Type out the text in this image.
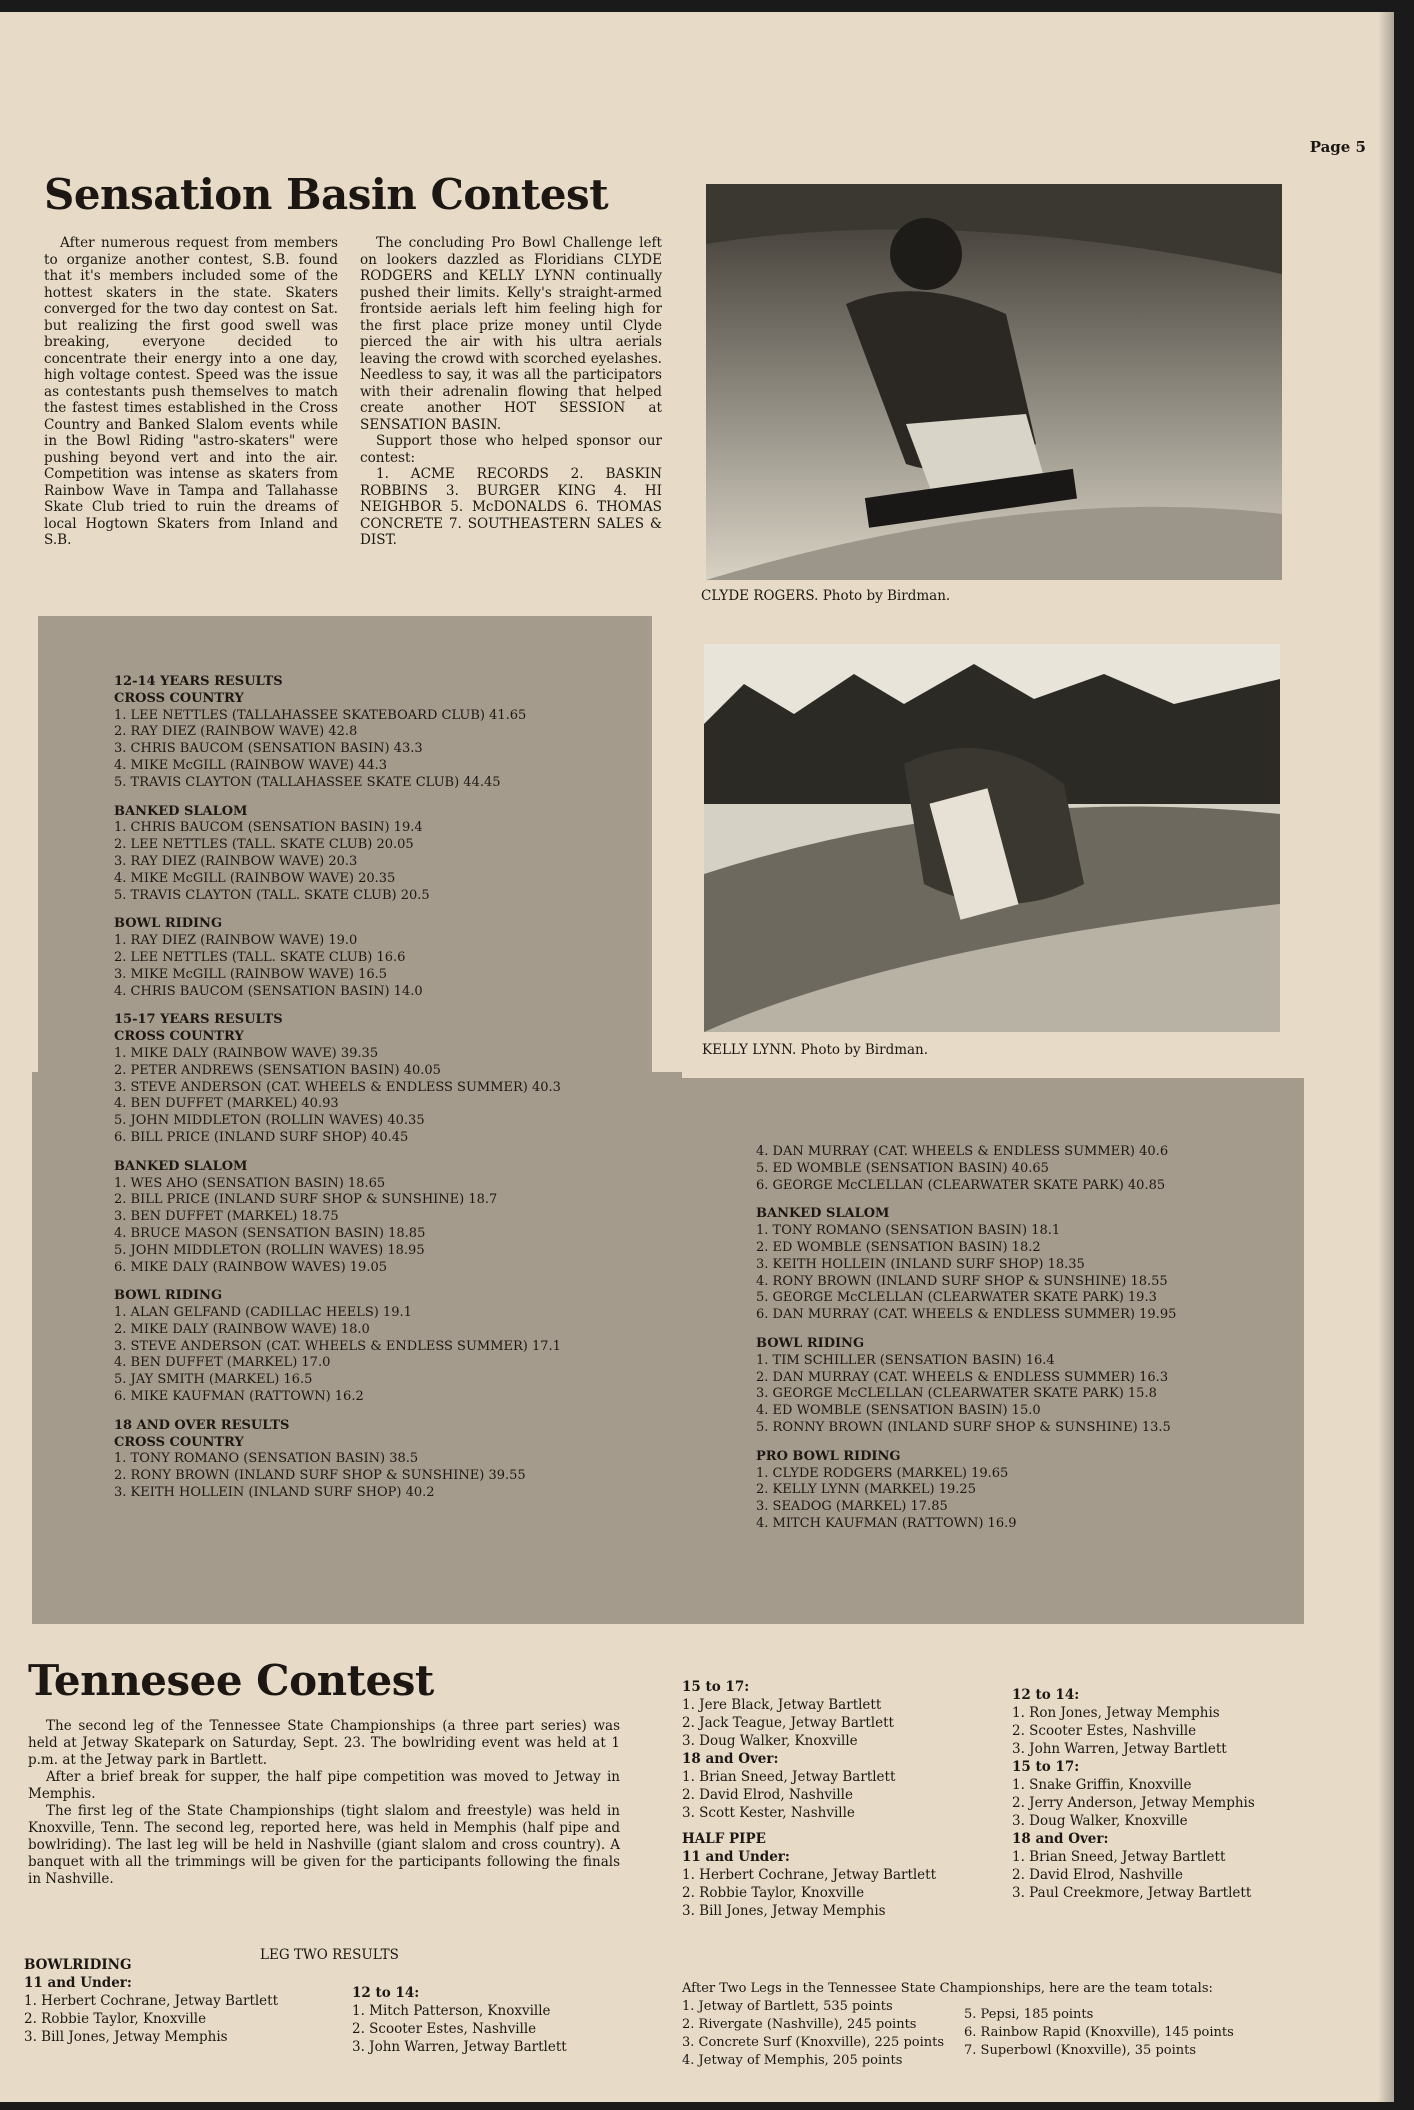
Page 5
Sensation Basin Contest

After numerous request from members to organize another contest, S.B. found that it's members included some of the hottest skaters in the state. Skaters converged for the two day contest on Sat. but realizing the first good swell was breaking, everyone decided to concentrate their energy into a one day, high voltage contest. Speed was the issue as contestants push themselves to match the fastest times established in the Cross Country and Banked Slalom events while in the Bowl Riding "astro-skaters" were pushing beyond vert and into the air. Competition was intense as skaters from Rainbow Wave in Tampa and Tallahasse Skate Club tried to ruin the dreams of local Hogtown Skaters from Inland and S.B.

The concluding Pro Bowl Challenge left on lookers dazzled as Floridians CLYDE RODGERS and KELLY LYNN continually pushed their limits. Kelly's straight-armed frontside aerials left him feeling high for the first place prize money until Clyde pierced the air with his ultra aerials leaving the crowd with scorched eyelashes. Needless to say, it was all the participators with their adrenalin flowing that helped create another HOT SESSION at SENSATION BASIN.

Support those who helped sponsor our contest:

1. ACME RECORDS 2. BASKIN ROBBINS 3. BURGER KING 4. HI NEIGHBOR 5. McDONALDS 6. THOMAS CONCRETE 7. SOUTHEASTERN SALES & DIST.

CLYDE ROGERS. Photo by Birdman.
KELLY LYNN. Photo by Birdman.
12-14 YEARS RESULTS
CROSS COUNTRY
1. LEE NETTLES (TALLAHASSEE SKATEBOARD CLUB) 41.65
2. RAY DIEZ (RAINBOW WAVE) 42.8
3. CHRIS BAUCOM (SENSATION BASIN) 43.3
4. MIKE McGILL (RAINBOW WAVE) 44.3
5. TRAVIS CLAYTON (TALLAHASSEE SKATE CLUB) 44.45
BANKED SLALOM
1. CHRIS BAUCOM (SENSATION BASIN) 19.4
2. LEE NETTLES (TALL. SKATE CLUB) 20.05
3. RAY DIEZ (RAINBOW WAVE) 20.3
4. MIKE McGILL (RAINBOW WAVE) 20.35
5. TRAVIS CLAYTON (TALL. SKATE CLUB) 20.5
BOWL RIDING
1. RAY DIEZ (RAINBOW WAVE) 19.0
2. LEE NETTLES (TALL. SKATE CLUB) 16.6
3. MIKE McGILL (RAINBOW WAVE) 16.5
4. CHRIS BAUCOM (SENSATION BASIN) 14.0
15-17 YEARS RESULTS
CROSS COUNTRY
1. MIKE DALY (RAINBOW WAVE) 39.35
2. PETER ANDREWS (SENSATION BASIN) 40.05
3. STEVE ANDERSON (CAT. WHEELS & ENDLESS SUMMER) 40.3
4. BEN DUFFET (MARKEL) 40.93
5. JOHN MIDDLETON (ROLLIN WAVES) 40.35
6. BILL PRICE (INLAND SURF SHOP) 40.45
BANKED SLALOM
1. WES AHO (SENSATION BASIN) 18.65
2. BILL PRICE (INLAND SURF SHOP & SUNSHINE) 18.7
3. BEN DUFFET (MARKEL) 18.75
4. BRUCE MASON (SENSATION BASIN) 18.85
5. JOHN MIDDLETON (ROLLIN WAVES) 18.95
6. MIKE DALY (RAINBOW WAVES) 19.05
BOWL RIDING
1. ALAN GELFAND (CADILLAC HEELS) 19.1
2. MIKE DALY (RAINBOW WAVE) 18.0
3. STEVE ANDERSON (CAT. WHEELS & ENDLESS SUMMER) 17.1
4. BEN DUFFET (MARKEL) 17.0
5. JAY SMITH (MARKEL) 16.5
6. MIKE KAUFMAN (RATTOWN) 16.2
18 AND OVER RESULTS
CROSS COUNTRY
1. TONY ROMANO (SENSATION BASIN) 38.5
2. RONY BROWN (INLAND SURF SHOP & SUNSHINE) 39.55
3. KEITH HOLLEIN (INLAND SURF SHOP) 40.2
4. DAN MURRAY (CAT. WHEELS & ENDLESS SUMMER) 40.6
5. ED WOMBLE (SENSATION BASIN) 40.65
6. GEORGE McCLELLAN (CLEARWATER SKATE PARK) 40.85
BANKED SLALOM
1. TONY ROMANO (SENSATION BASIN) 18.1
2. ED WOMBLE (SENSATION BASIN) 18.2
3. KEITH HOLLEIN (INLAND SURF SHOP) 18.35
4. RONY BROWN (INLAND SURF SHOP & SUNSHINE) 18.55
5. GEORGE McCLELLAN (CLEARWATER SKATE PARK) 19.3
6. DAN MURRAY (CAT. WHEELS & ENDLESS SUMMER) 19.95
BOWL RIDING
1. TIM SCHILLER (SENSATION BASIN) 16.4
2. DAN MURRAY (CAT. WHEELS & ENDLESS SUMMER) 16.3
3. GEORGE McCLELLAN (CLEARWATER SKATE PARK) 15.8
4. ED WOMBLE (SENSATION BASIN) 15.0
5. RONNY BROWN (INLAND SURF SHOP & SUNSHINE) 13.5
PRO BOWL RIDING
1. CLYDE RODGERS (MARKEL) 19.65
2. KELLY LYNN (MARKEL) 19.25
3. SEADOG (MARKEL) 17.85
4. MITCH KAUFMAN (RATTOWN) 16.9
Tennesee Contest

The second leg of the Tennessee State Championships (a three part series) was held at Jetway Skatepark on Saturday, Sept. 23. The bowlriding event was held at 1 p.m. at the Jetway park in Bartlett.

After a brief break for supper, the half pipe competition was moved to Jetway in Memphis.

The first leg of the State Championships (tight slalom and freestyle) was held in Knoxville, Tenn. The second leg, reported here, was held in Memphis (half pipe and bowlriding). The last leg will be held in Nashville (giant slalom and cross country). A banquet with all the trimmings will be given for the participants following the finals in Nashville.

LEG TWO RESULTS
BOWLRIDING
11 and Under:
1. Herbert Cochrane, Jetway Bartlett
2. Robbie Taylor, Knoxville
3. Bill Jones, Jetway Memphis
12 to 14:
1. Mitch Patterson, Knoxville
2. Scooter Estes, Nashville
3. John Warren, Jetway Bartlett
15 to 17:
1. Jere Black, Jetway Bartlett
2. Jack Teague, Jetway Bartlett
3. Doug Walker, Knoxville
18 and Over:
1. Brian Sneed, Jetway Bartlett
2. David Elrod, Nashville
3. Scott Kester, Nashville
HALF PIPE
11 and Under:
1. Herbert Cochrane, Jetway Bartlett
2. Robbie Taylor, Knoxville
3. Bill Jones, Jetway Memphis
12 to 14:
1. Ron Jones, Jetway Memphis
2. Scooter Estes, Nashville
3. John Warren, Jetway Bartlett
15 to 17:
1. Snake Griffin, Knoxville
2. Jerry Anderson, Jetway Memphis
3. Doug Walker, Knoxville
18 and Over:
1. Brian Sneed, Jetway Bartlett
2. David Elrod, Nashville
3. Paul Creekmore, Jetway Bartlett
After Two Legs in the Tennessee State Championships, here are the team totals:
1. Jetway of Bartlett, 535 points
2. Rivergate (Nashville), 245 points
3. Concrete Surf (Knoxville), 225 points
4. Jetway of Memphis, 205 points
5. Pepsi, 185 points
6. Rainbow Rapid (Knoxville), 145 points
7. Superbowl (Knoxville), 35 points
